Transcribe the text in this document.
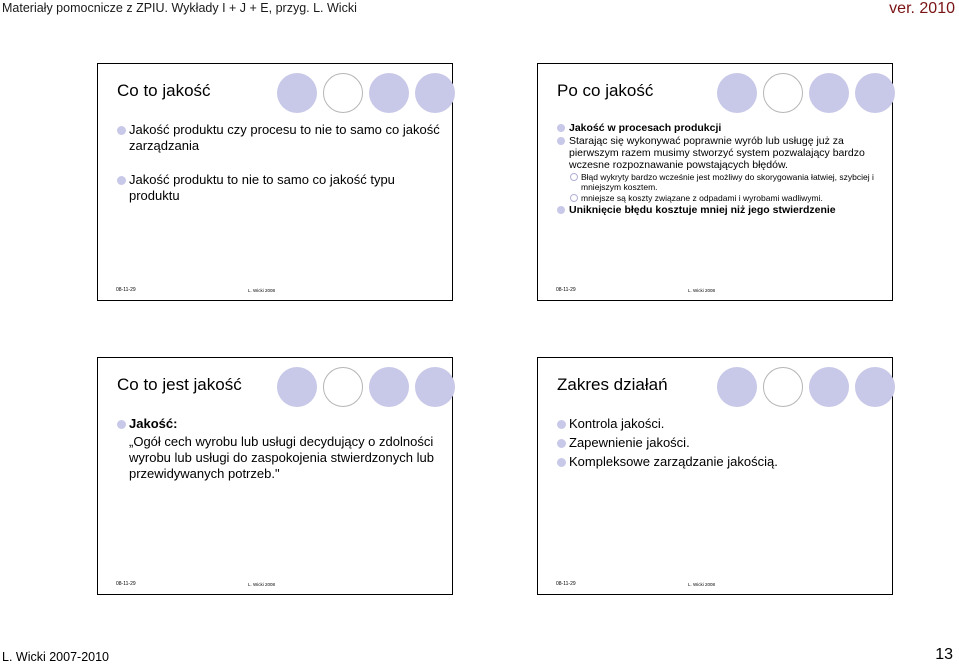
Materiały pomocnicze z ZPIU. Wykłady I + J + E, przyg. L. Wicki	ver. 2010
Co to jakość
Jakość produktu czy procesu to nie to samo co jakość zarządzania
Jakość produktu to nie to samo co jakość typu produktu
08-11-29	L. Wicki 2008
Po co jakość
Jakość w procesach produkcji
Starając się wykonywać poprawnie wyrób lub usługę już za pierwszym razem musimy stworzyć system pozwalający bardzo wczesne rozpoznawanie powstających błędów.
Błąd wykryty bardzo wcześnie jest możliwy do skorygowania łatwiej, szybciej i mniejszym kosztem.
mniejsze są koszty związane z odpadami i wyrobami wadliwymi.
Uniknięcie błędu kosztuje mniej niż jego stwierdzenie
08-11-29	L. Wicki 2008
Co to jest jakość
Jakość:
„Ogół cech wyrobu lub usługi decydujący o zdolności wyrobu lub usługi do zaspokojenia stwierdzonych lub przewidywanych potrzeb."
08-11-29	L. Wicki 2008
Zakres działań
Kontrola jakości.
Zapewnienie jakości.
Kompleksowe zarządzanie jakością.
08-11-29	L. Wicki 2008
L. Wicki 2007-2010	13
